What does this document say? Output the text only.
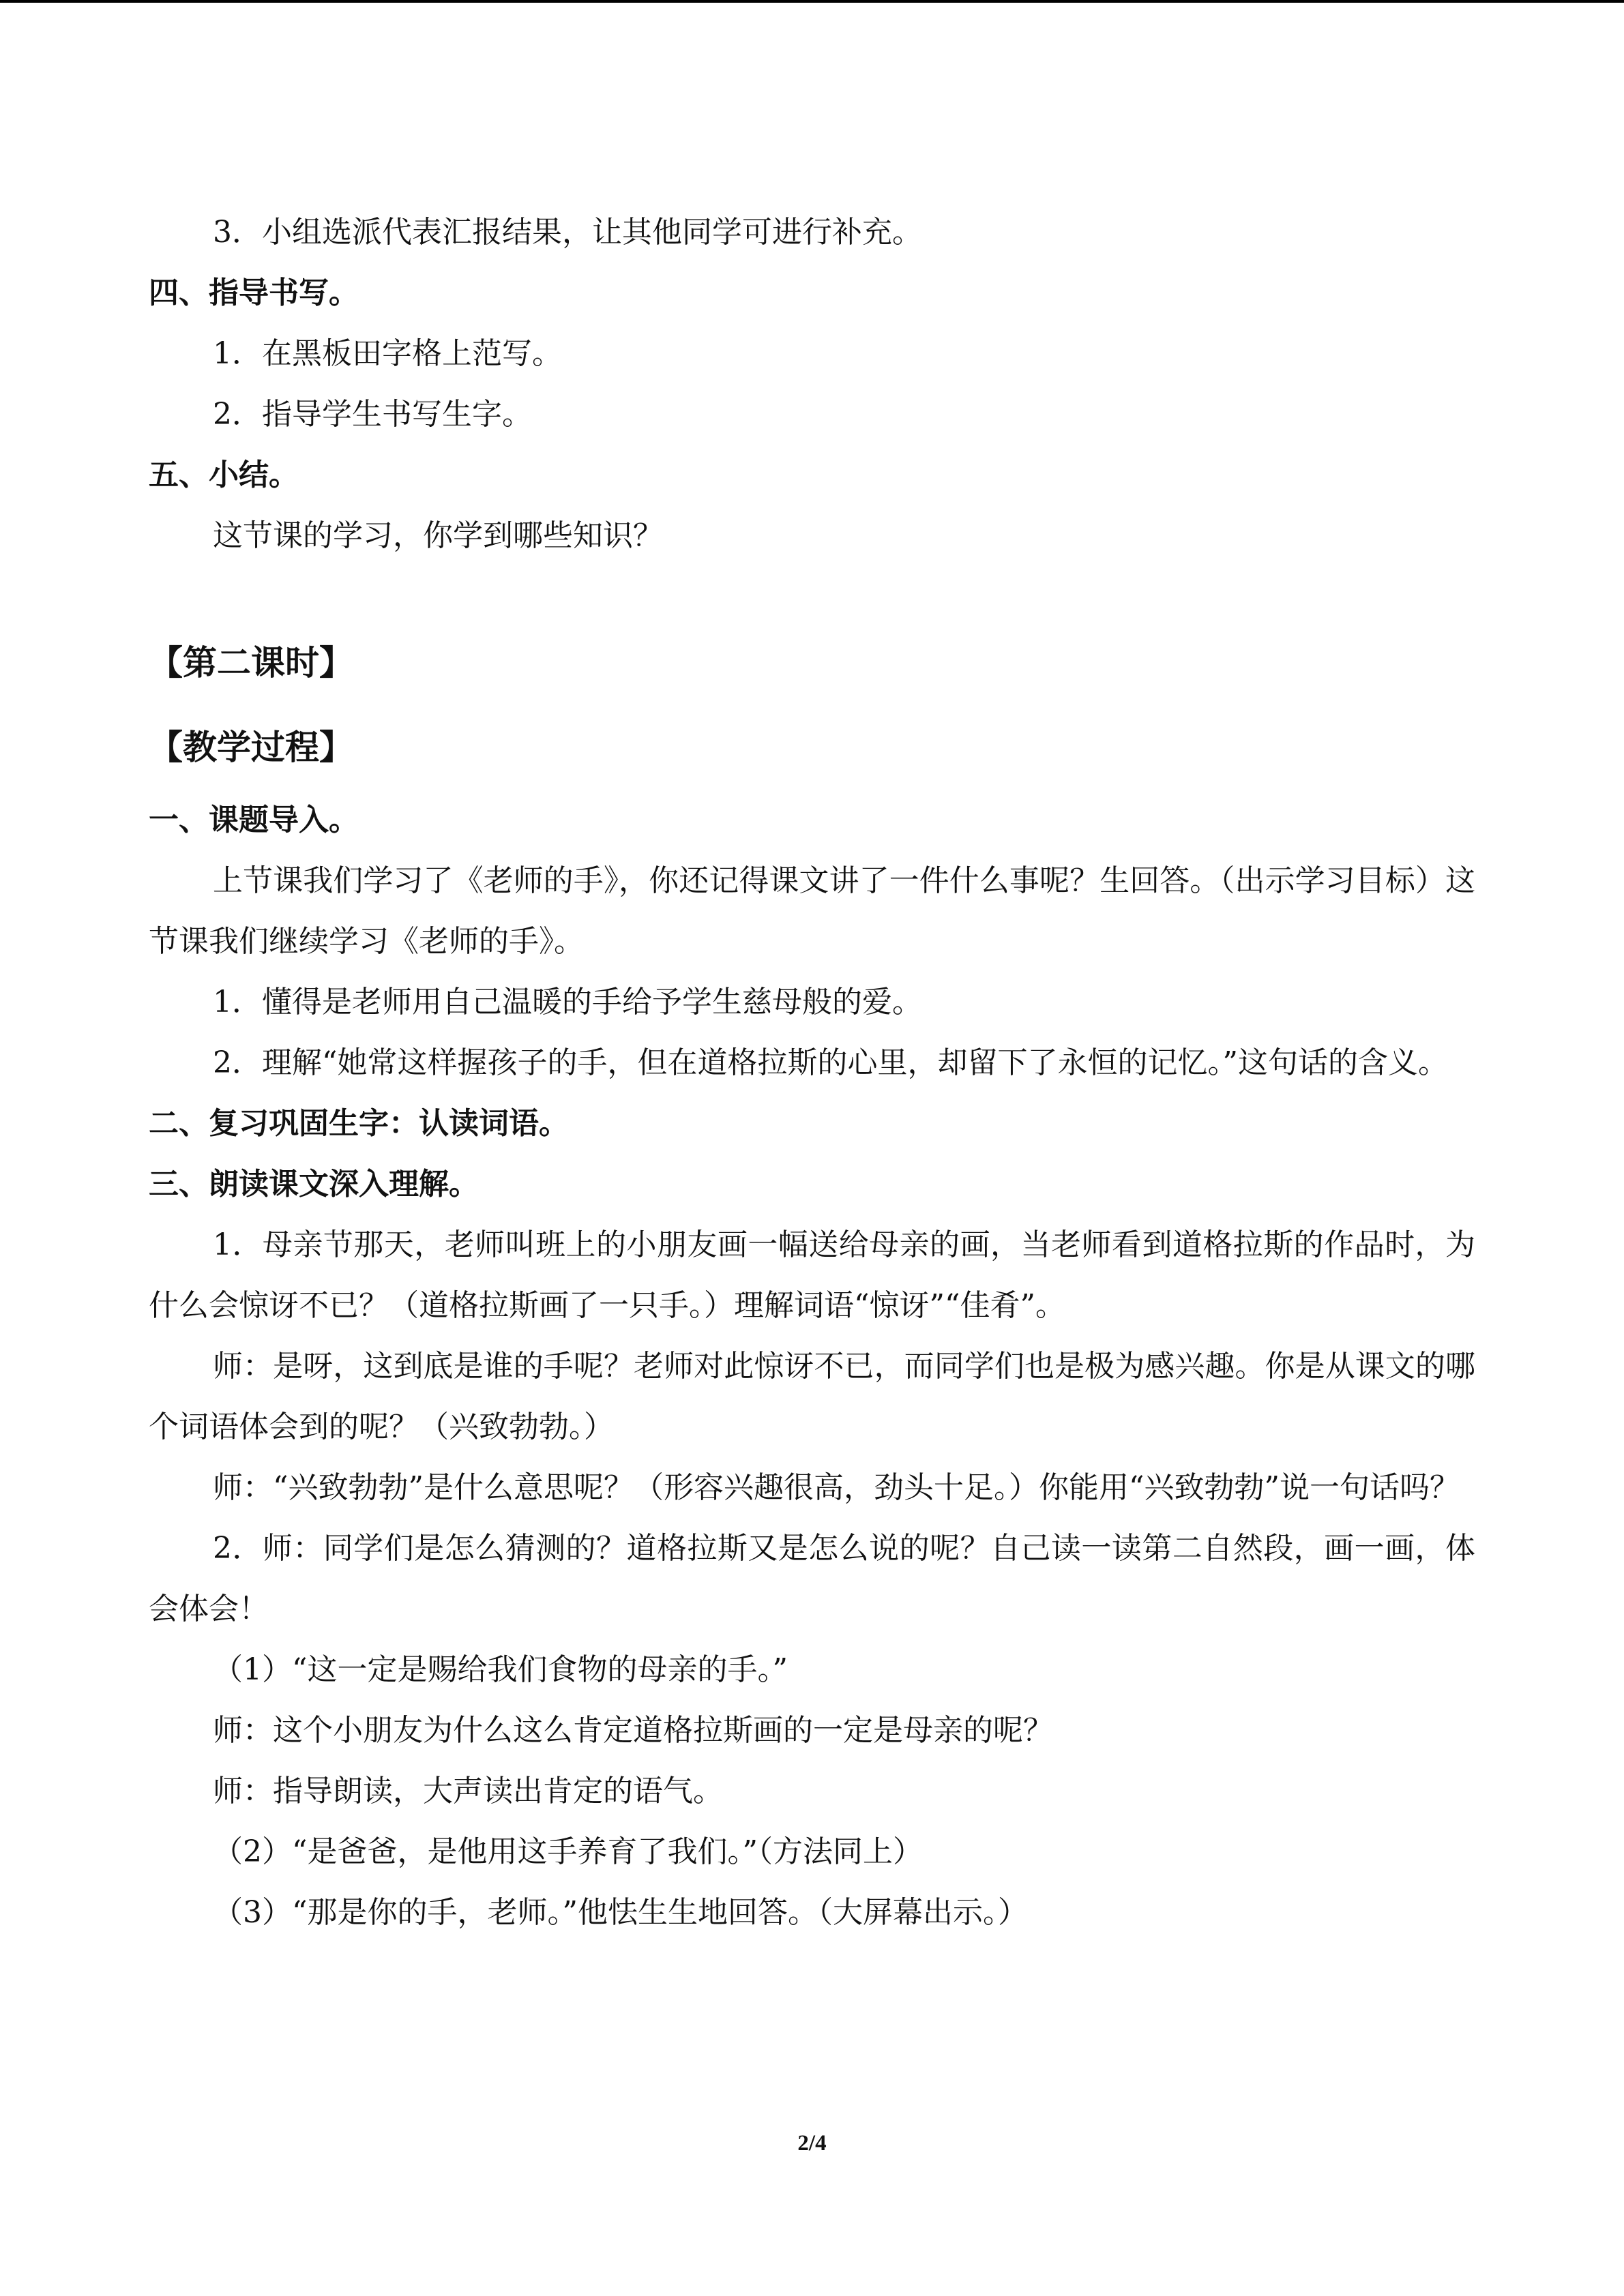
3．小组选派代表汇报结果，让其他同学可进行补充。

四、指导书写。

1．在黑板田字格上范写。

2．指导学生书写生字。

五、小结。

这节课的学习，你学到哪些知识？

【第二课时】

【教学过程】

一、课题导入。

上节课我们学习了《老师的手》，你还记得课文讲了一件什么事呢？生回答。（出示学习目标）这节课我们继续学习《老师的手》。

1．懂得是老师用自己温暖的手给予学生慈母般的爱。

2．理解“她常这样握孩子的手，但在道格拉斯的心里，却留下了永恒的记忆。”这句话的含义。

二、复习巩固生字：认读词语。

三、朗读课文深入理解。

1．母亲节那天，老师叫班上的小朋友画一幅送给母亲的画，当老师看到道格拉斯的作品时，为什么会惊讶不已？（道格拉斯画了一只手。）理解词语“惊讶”“佳肴”。

师：是呀，这到底是谁的手呢？老师对此惊讶不已，而同学们也是极为感兴趣。你是从课文的哪个词语体会到的呢？（兴致勃勃。）

师：“兴致勃勃”是什么意思呢？（形容兴趣很高，劲头十足。）你能用“兴致勃勃”说一句话吗？

2．师：同学们是怎么猜测的？道格拉斯又是怎么说的呢？自己读一读第二自然段，画一画，体会体会！

（1）“这一定是赐给我们食物的母亲的手。”

师：这个小朋友为什么这么肯定道格拉斯画的一定是母亲的呢？

师：指导朗读，大声读出肯定的语气。

（2）“是爸爸，是他用这手养育了我们。”（方法同上）

（3）“那是你的手，老师。”他怯生生地回答。（大屏幕出示。）

2/4
